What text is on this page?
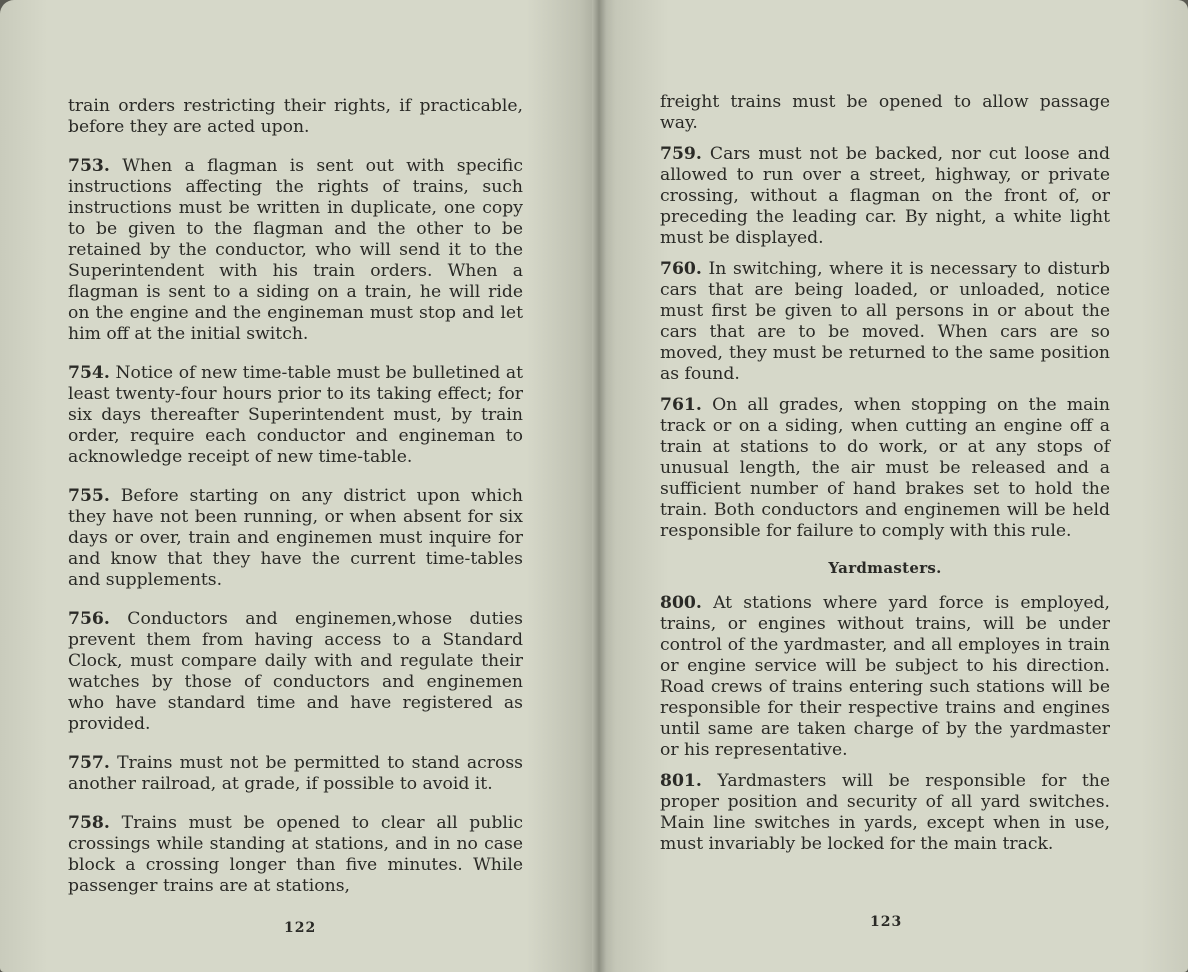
train orders restricting their rights, if practicable, before they are acted upon.

753. When a flagman is sent out with specific instructions affecting the rights of trains, such instructions must be written in duplicate, one copy to be given to the flagman and the other to be retained by the conductor, who will send it to the Superintendent with his train orders. When a flagman is sent to a siding on a train, he will ride on the engine and the engineman must stop and let him off at the initial switch.

754. Notice of new time-table must be bulletined at least twenty-four hours prior to its taking effect; for six days thereafter Superintendent must, by train order, require each conductor and engineman to acknowledge receipt of new time-table.

755. Before starting on any district upon which they have not been running, or when absent for six days or over, train and enginemen must inquire for and know that they have the current time-tables and supplements.

756. Conductors and enginemen,whose duties prevent them from having access to a Standard Clock, must compare daily with and regulate their watches by those of conductors and enginemen who have standard time and have registered as provided.

757. Trains must not be permitted to stand across another railroad, at grade, if possible to avoid it.

758. Trains must be opened to clear all public crossings while standing at stations, and in no case block a crossing longer than five minutes. While passenger trains are at stations,

122

freight trains must be opened to allow passage way.

759. Cars must not be backed, nor cut loose and allowed to run over a street, highway, or private crossing, without a flagman on the front of, or preceding the leading car. By night, a white light must be displayed.

760. In switching, where it is necessary to disturb cars that are being loaded, or unloaded, notice must first be given to all persons in or about the cars that are to be moved. When cars are so moved, they must be returned to the same position as found.

761. On all grades, when stopping on the main track or on a siding, when cutting an engine off a train at stations to do work, or at any stops of unusual length, the air must be released and a sufficient number of hand brakes set to hold the train. Both conductors and enginemen will be held responsible for failure to comply with this rule.

Yardmasters.

800. At stations where yard force is employed, trains, or engines without trains, will be under control of the yardmaster, and all employes in train or engine service will be subject to his direction. Road crews of trains entering such stations will be responsible for their respective trains and engines until same are taken charge of by the yardmaster or his representative.

801. Yardmasters will be responsible for the proper position and security of all yard switches. Main line switches in yards, except when in use, must invariably be locked for the main track.

123
